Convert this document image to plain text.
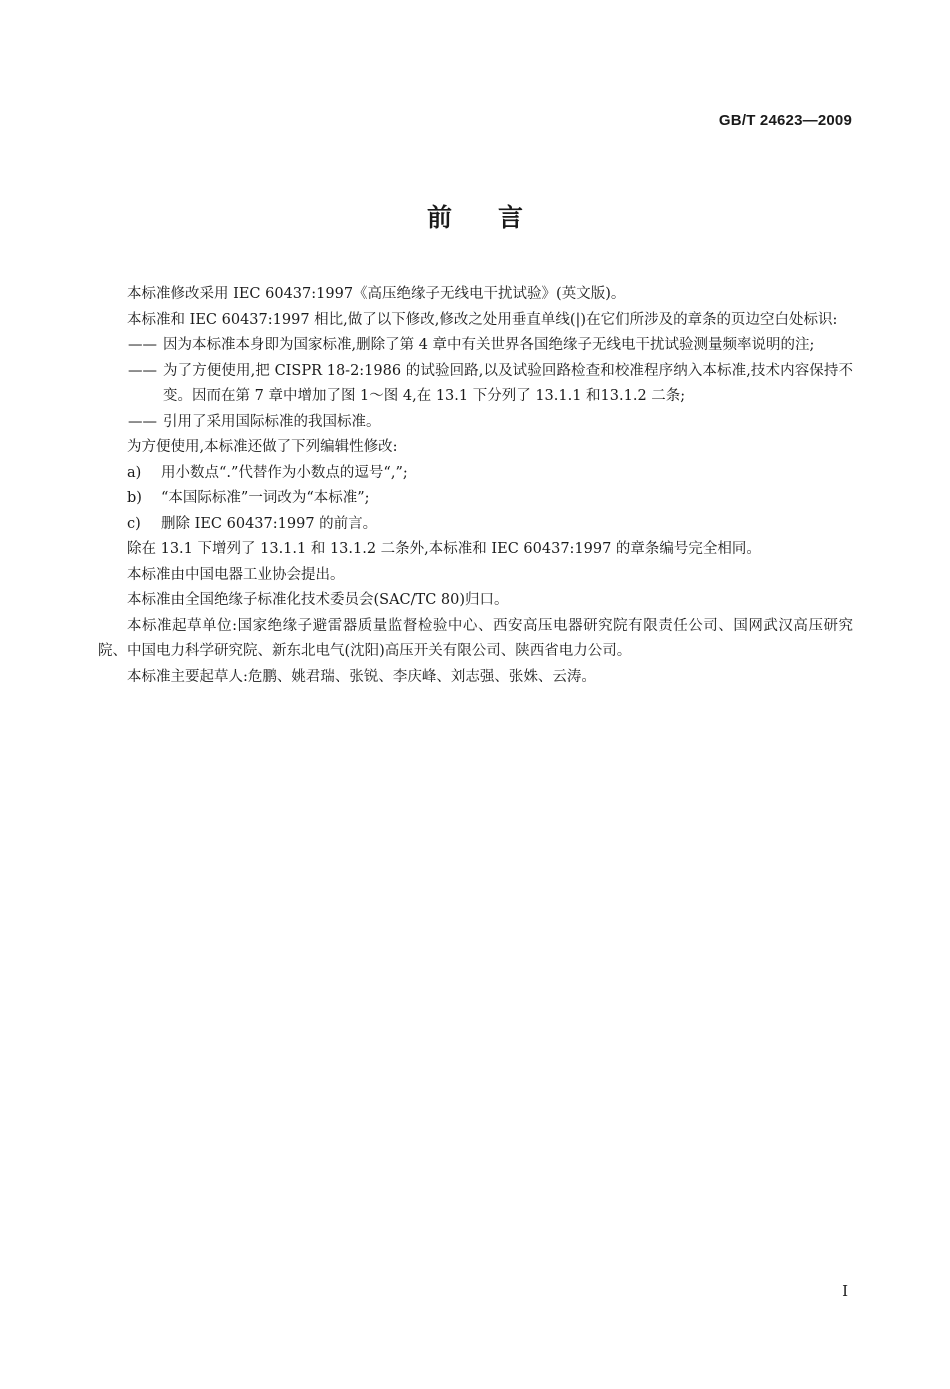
GB/T 24623—2009
前言

本标准修改采用 IEC 60437:1997《高压绝缘子无线电干扰试验》(英文版)。

本标准和 IEC 60437:1997 相比,做了以下修改,修改之处用垂直单线(|)在它们所涉及的章条的页边空白处标识:

—— 因为本标准本身即为国家标准,删除了第 4 章中有关世界各国绝缘子无线电干扰试验测量频率说明的注;
—— 为了方便使用,把 CISPR 18-2:1986 的试验回路,以及试验回路检查和校准程序纳入本标准,技术内容保持不变。因而在第 7 章中增加了图 1～图 4,在 13.1 下分列了 13.1.1 和13.1.2 二条;
—— 引用了采用国际标准的我国标准。

为方便使用,本标准还做了下列编辑性修改:

a) 用小数点“.”代替作为小数点的逗号“,”;
b) “本国际标准”一词改为“本标准”;
c) 删除 IEC 60437:1997 的前言。

除在 13.1 下增列了 13.1.1 和 13.1.2 二条外,本标准和 IEC 60437:1997 的章条编号完全相同。

本标准由中国电器工业协会提出。

本标准由全国绝缘子标准化技术委员会(SAC/TC 80)归口。

本标准起草单位:国家绝缘子避雷器质量监督检验中心、西安高压电器研究院有限责任公司、国网武汉高压研究院、中国电力科学研究院、新东北电气(沈阳)高压开关有限公司、陕西省电力公司。

本标准主要起草人:危鹏、姚君瑞、张锐、李庆峰、刘志强、张姝、云涛。

I
